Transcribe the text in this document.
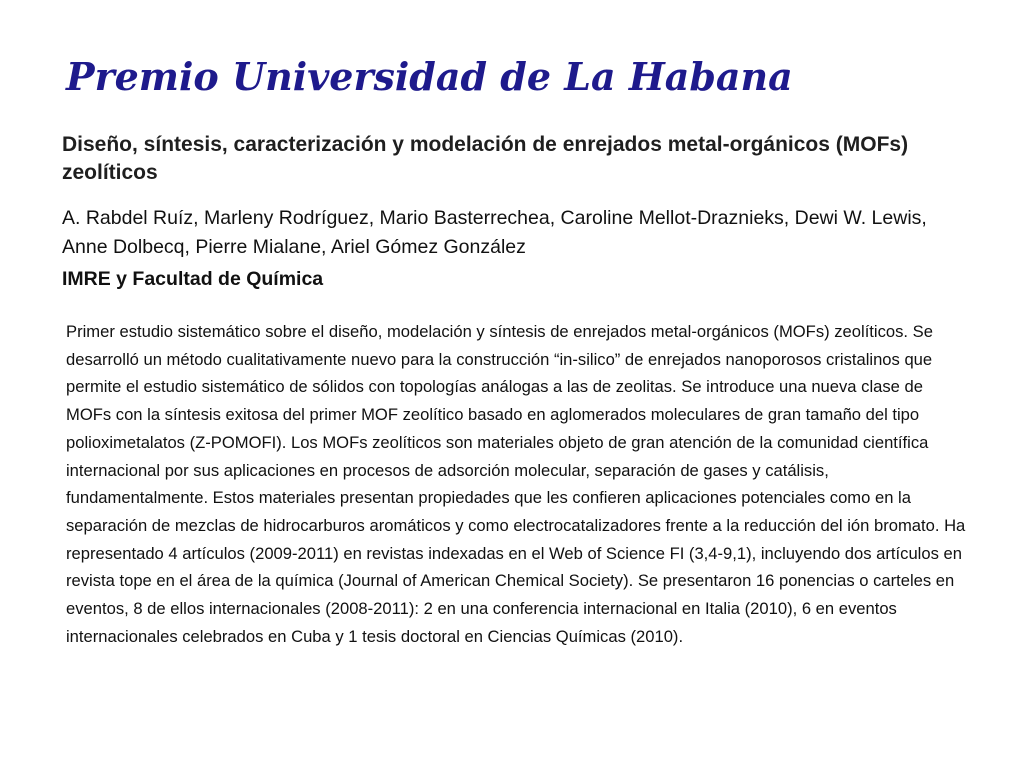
Premio Universidad de La Habana
Diseño, síntesis, caracterización y modelación de enrejados metal-orgánicos (MOFs) zeolíticos

A. Rabdel Ruíz, Marleny Rodríguez, Mario Basterrechea, Caroline Mellot-Draznieks, Dewi W. Lewis, Anne Dolbecq, Pierre Mialane, Ariel Gómez González

IMRE y Facultad de Química

Primer estudio sistemático sobre el diseño, modelación y síntesis de enrejados metal-orgánicos (MOFs) zeolíticos. Se desarrolló un método cualitativamente nuevo para la construcción “in-silico” de enrejados nanoporosos cristalinos que permite el estudio sistemático de sólidos con topologías análogas a las de zeolitas. Se introduce una nueva clase de MOFs con la síntesis exitosa del primer MOF zeolítico basado en aglomerados moleculares de gran tamaño del tipo polioximetalatos (Z-POMOFI). Los MOFs zeolíticos son materiales objeto de gran atención de la comunidad científica internacional por sus aplicaciones en procesos de adsorción molecular, separación de gases y catálisis, fundamentalmente. Estos materiales presentan propiedades que les confieren aplicaciones potenciales como en la separación de mezclas de hidrocarburos aromáticos y como electrocatalizadores frente a la reducción del ión bromato. Ha representado 4 artículos (2009-2011) en revistas indexadas en el Web of Science FI (3,4-9,1), incluyendo dos artículos en revista tope en el área de la química (Journal of American Chemical Society). Se presentaron 16 ponencias o carteles en eventos, 8 de ellos internacionales (2008-2011): 2 en una conferencia internacional en Italia (2010), 6 en eventos internacionales celebrados en Cuba y 1 tesis doctoral en Ciencias Químicas (2010).
